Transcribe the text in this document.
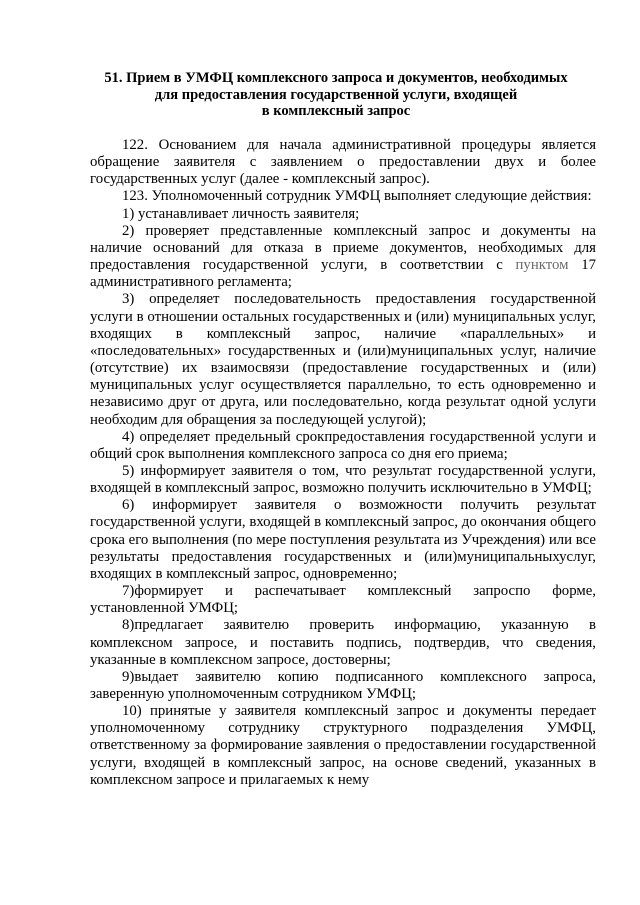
51. Прием в УМФЦ комплексного запроса и документов, необходимых
для предоставления государственной услуги, входящей
в комплексный запрос

122. Основанием для начала административной процедуры является обращение заявителя с заявлением о предоставлении двух и более государственных услуг (далее - комплексный запрос).

123. Уполномоченный сотрудник УМФЦ выполняет следующие действия:

1) устанавливает личность заявителя;

2) проверяет представленные комплексный запрос и документы на наличие оснований для отказа в приеме документов, необходимых для предоставления государственной услуги, в соответствии с пунктом 17 административного регламента;

3) определяет последовательность предоставления государственной услуги в отношении остальных государственных и (или) муниципальных услуг, входящих в комплексный запрос, наличие «параллельных» и «последовательных» государственных и (или)муниципальных услуг, наличие (отсутствие) их взаимосвязи (предоставление государственных и (или) муниципальных услуг осуществляется параллельно, то есть одновременно и независимо друг от друга, или последовательно, когда результат одной услуги необходим для обращения за последующей услугой);

4) определяет предельный срокпредоставления государственной услуги и общий срок выполнения комплексного запроса со дня его приема;

5) информирует заявителя о том, что результат государственной услуги, входящей в комплексный запрос, возможно получить исключительно в УМФЦ;

6) информирует заявителя о возможности получить результат государственной услуги, входящей в комплексный запрос, до окончания общего срока его выполнения (по мере поступления результата из Учреждения) или все результаты предоставления государственных и (или)муниципальныхуслуг, входящих в комплексный запрос, одновременно;

7)формирует и распечатывает комплексный запроспо форме, установленной УМФЦ;

8)предлагает заявителю проверить информацию, указанную в комплексном запросе, и поставить подпись, подтвердив, что сведения, указанные в комплексном запросе, достоверны;

9)выдает заявителю копию подписанного комплексного запроса, заверенную уполномоченным сотрудником УМФЦ;

10) принятые у заявителя комплексный запрос и документы передает уполномоченному сотруднику структурного подразделения УМФЦ, ответственному за формирование заявления о предоставлении государственной услуги, входящей в комплексный запрос, на основе сведений, указанных в комплексном запросе и прилагаемых к нему
